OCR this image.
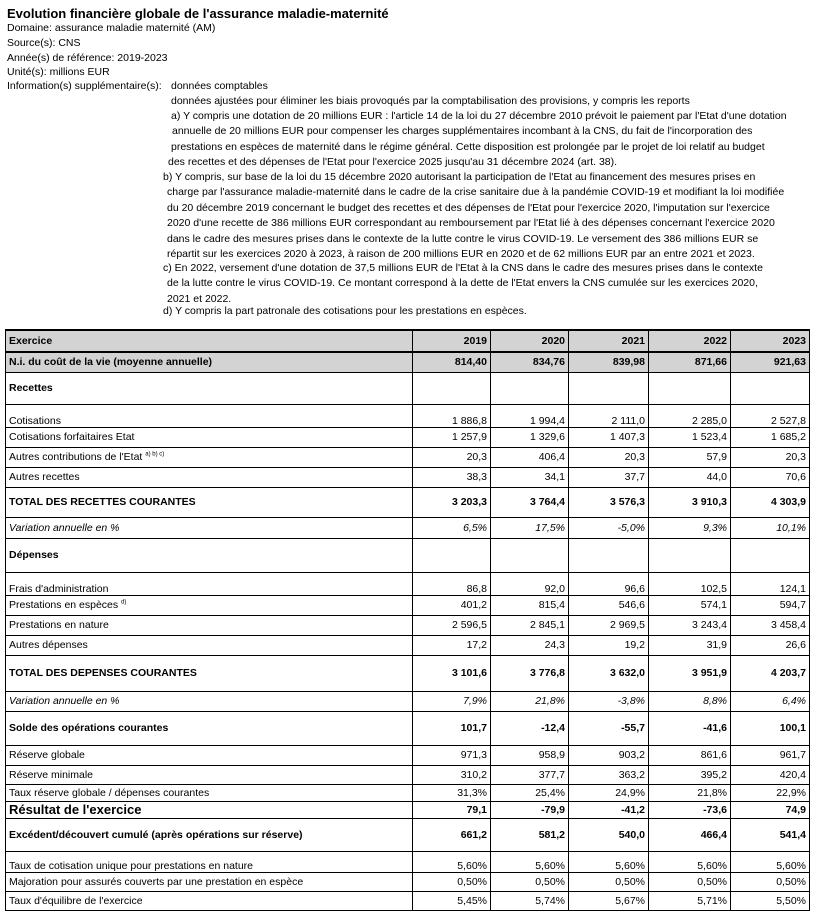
Evolution financière globale de l'assurance maladie-maternité
Domaine: assurance maladie maternité (AM)
Source(s): CNS
Année(s) de référence: 2019-2023
Unité(s): millions EUR
Information(s) supplémentaire(s): données comptables
données ajustées pour éliminer les biais provoqués par la comptabilisation des provisions, y compris les reports
a) Y compris une dotation de 20 millions EUR : l'article 14 de la loi du 27 décembre 2010 prévoit le paiement par l'Etat d'une dotation
annuelle de 20 millions EUR pour compenser les charges supplémentaires incombant à la CNS, du fait de l'incorporation des
prestations en espèces de maternité dans le régime général. Cette disposition est prolongée par le projet de loi relatif au budget
des recettes et des dépenses de l'Etat pour l'exercice 2025 jusqu'au 31 décembre 2024 (art. 38).
b) Y compris, sur base de la loi du 15 décembre 2020 autorisant la participation de l'Etat au financement des mesures prises en
charge par l'assurance maladie-maternité dans le cadre de la crise sanitaire due à la pandémie COVID-19 et modifiant la loi modifiée
du 20 décembre 2019 concernant le budget des recettes et des dépenses de l'Etat pour l'exercice 2020, l'imputation sur l'exercice
2020 d'une recette de 386 millions EUR correspondant au remboursement par l'Etat lié à des dépenses concernant l'exercice 2020
dans le cadre des mesures prises dans le contexte de la lutte contre le virus COVID-19. Le versement des 386 millions EUR se
répartit sur les exercices 2020 à 2023, à raison de 200 millions EUR en 2020 et de 62 millions EUR par an entre 2021 et 2023.
c) En 2022, versement d'une dotation de 37,5 millions EUR de l'Etat à la CNS dans le cadre des mesures prises dans le contexte
de la lutte contre le virus COVID-19. Ce montant correspond à la dette de l'Etat envers la CNS cumulée sur les exercices 2020,
2021 et 2022.
d) Y compris la part patronale des cotisations pour les prestations en espèces.
Exercice	2019	2020	2021	2022	2023
N.i. du coût de la vie (moyenne annuelle)	814,40	834,76	839,98	871,66	921,63
Recettes					
Cotisations	1 886,8	1 994,4	2 111,0	2 285,0	2 527,8
Cotisations forfaitaires Etat	1 257,9	1 329,6	1 407,3	1 523,4	1 685,2
Autres contributions de l'Etat $^{a) b) c)}$	20,3	406,4	20,3	57,9	20,3
Autres recettes	38,3	34,1	37,7	44,0	70,6
TOTAL DES RECETTES COURANTES	3 203,3	3 764,4	3 576,3	3 910,3	4 303,9
Variation annuelle en %	6,5%	17,5%	-5,0%	9,3%	10,1%
Dépenses					
Frais d'administration	86,8	92,0	96,6	102,5	124,1
Prestations en espèces $^{d)}$	401,2	815,4	546,6	574,1	594,7
Prestations en nature	2 596,5	2 845,1	2 969,5	3 243,4	3 458,4
Autres dépenses	17,2	24,3	19,2	31,9	26,6
TOTAL DES DEPENSES COURANTES	3 101,6	3 776,8	3 632,0	3 951,9	4 203,7
Variation annuelle en %	7,9%	21,8%	-3,8%	8,8%	6,4%
Solde des opérations courantes	101,7	-12,4	-55,7	-41,6	100,1
Réserve globale	971,3	958,9	903,2	861,6	961,7
Réserve minimale	310,2	377,7	363,2	395,2	420,4
Taux réserve globale / dépenses courantes	31,3%	25,4%	24,9%	21,8%	22,9%
Résultat de l'exercice	79,1	-79,9	-41,2	-73,6	74,9
Excédent/découvert cumulé (après opérations sur réserve)	661,2	581,2	540,0	466,4	541,4
Taux de cotisation unique pour prestations en nature	5,60%	5,60%	5,60%	5,60%	5,60%
Majoration pour assurés couverts par une prestation en espèce	0,50%	0,50%	0,50%	0,50%	0,50%
Taux d'équilibre de l'exercice	5,45%	5,74%	5,67%	5,71%	5,50%
